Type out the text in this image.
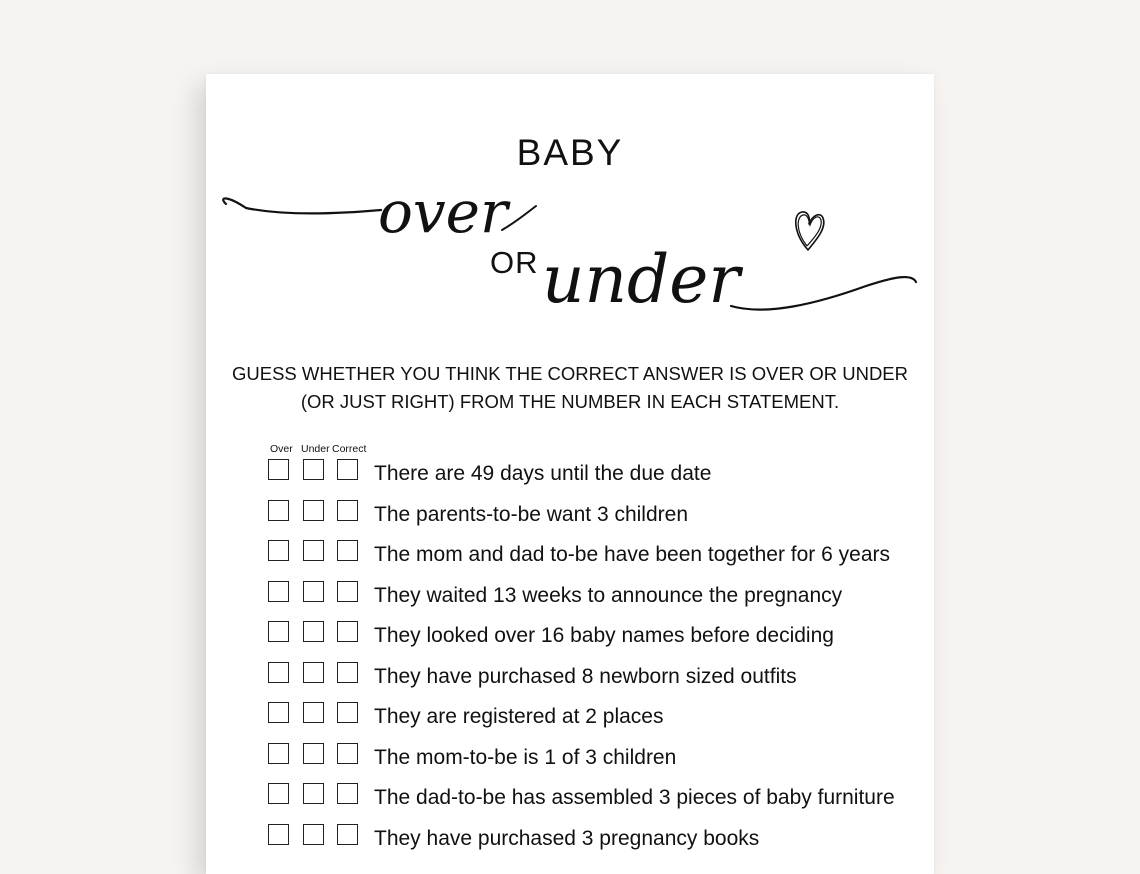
BABY
over
under
OR
GUESS WHETHER YOU THINK THE CORRECT ANSWER IS OVER OR UNDER
(OR JUST RIGHT) FROM THE NUMBER IN EACH STATEMENT.
Over Under Correct
There are 49 days until the due date
The parents-to-be want 3 children
The mom and dad to-be have been together for 6 years
They waited 13 weeks to announce the pregnancy
They looked over 16 baby names before deciding
They have purchased 8 newborn sized outfits
They are registered at 2 places
The mom-to-be is 1 of 3 children
The dad-to-be has assembled 3 pieces of baby furniture
They have purchased 3 pregnancy books
